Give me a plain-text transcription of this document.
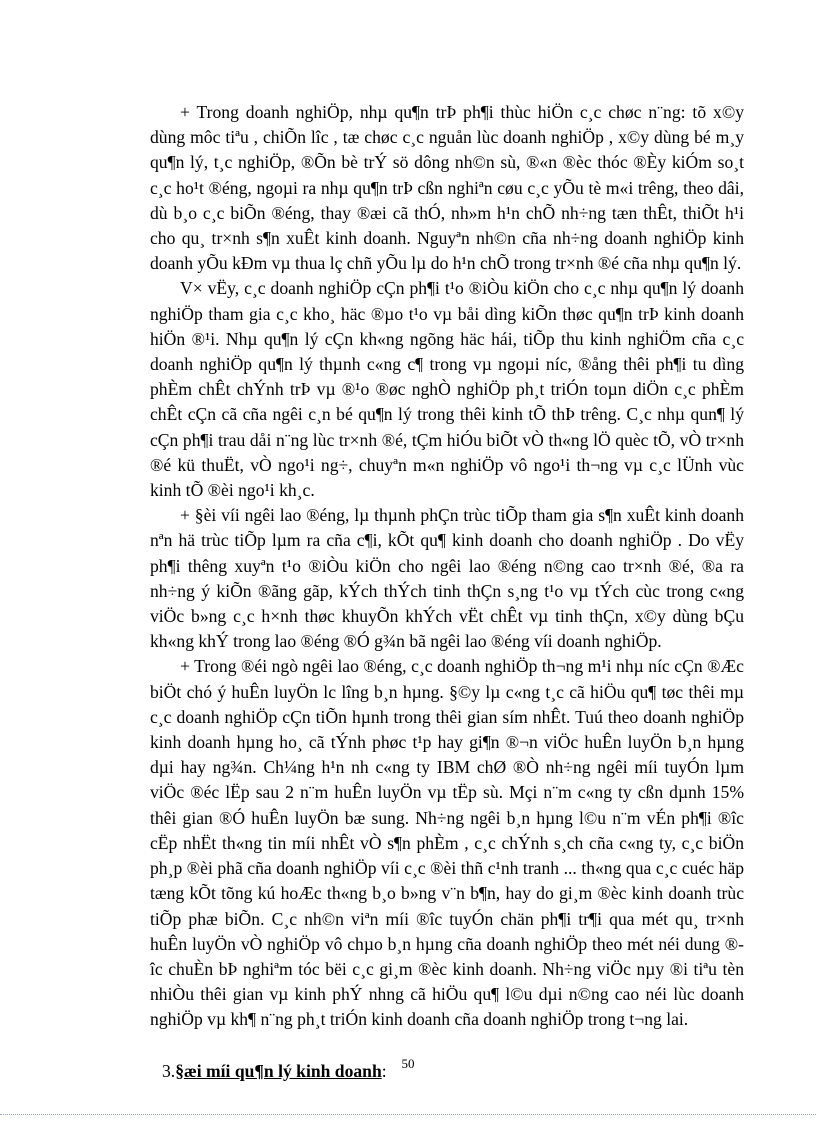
+ Trong doanh nghiÖp, nhµ qu¶n trÞ ph¶i thùc hiÖn c¸c chøc n¨ng: tõ x©y dùng môc tiªu , chiÕn lîc , tæ chøc c¸c nguån lùc doanh nghiÖp , x©y dùng bé m¸y qu¶n lý, t¸c nghiÖp, ®Õn bè trÝ sö dông nh©n sù, ®«n ®èc thóc ®Èy kiÓm so¸t c¸c ho¹t ®éng, ngoµi ra nhµ qu¶n trÞ cßn nghiªn cøu c¸c yÕu tè m«i trêng, theo dâi, dù b¸o c¸c biÕn ®éng, thay ®æi cã thÓ, nh»m h¹n chÕ nh÷ng tæn thÊt, thiÕt h¹i cho qu¸ tr×nh s¶n xuÊt kinh doanh. Nguyªn nh©n cña nh÷ng doanh nghiÖp kinh doanh yÕu kÐm vµ thua lç chñ yÕu lµ do h¹n chÕ trong tr×nh ®é cña nhµ qu¶n lý.

V× vËy, c¸c doanh nghiÖp cÇn ph¶i t¹o ®iÒu kiÖn cho c¸c nhµ qu¶n lý doanh nghiÖp tham gia c¸c kho¸ häc ®µo t¹o vµ båi dìng kiÕn thøc qu¶n trÞ kinh doanh hiÖn ®¹i. Nhµ qu¶n lý cÇn kh«ng ngõng häc hái, tiÕp thu kinh nghiÖm cña c¸c doanh nghiÖp qu¶n lý thµnh c«ng c¶ trong vµ ngoµi níc, ®ång thêi ph¶i tu dìng phÈm chÊt chÝnh trÞ vµ ®¹o ®øc nghÒ nghiÖp ph¸t triÓn toµn diÖn c¸c phÈm chÊt cÇn cã cña ngêi c¸n bé qu¶n lý trong thêi kinh tÕ thÞ trêng. C¸c nhµ qun¶ lý cÇn ph¶i trau dåi n¨ng lùc tr×nh ®é, tÇm hiÓu biÕt vÒ th«ng lÖ quèc tÕ, vÒ tr×nh ®é kü thuËt, vÒ ngo¹i ng÷, chuyªn m«n nghiÖp vô ngo¹i th¬ng vµ c¸c lÜnh vùc kinh tÕ ®èi ngo¹i kh¸c.

+ §èi víi ngêi lao ®éng, lµ thµnh phÇn trùc tiÕp tham gia s¶n xuÊt kinh doanh nªn hä trùc tiÕp lµm ra cña c¶i, kÕt qu¶ kinh doanh cho doanh nghiÖp . Do vËy ph¶i thêng xuyªn t¹o ®iÒu kiÖn cho ngêi lao ®éng n©ng cao tr×nh ®é, ®a ra nh÷ng ý kiÕn ®ãng gãp, kÝch thÝch tinh thÇn s¸ng t¹o vµ tÝch cùc trong c«ng viÖc b»ng c¸c h×nh thøc khuyÕn khÝch vËt chÊt vµ tinh thÇn, x©y dùng bÇu kh«ng khÝ trong lao ®éng ®Ó g¾n bã ngêi lao ®éng víi doanh nghiÖp.

+ Trong ®éi ngò ngêi lao ®éng, c¸c doanh nghiÖp th¬ng m¹i nhµ níc cÇn ®Æc biÖt chó ý huÊn luyÖn lc lîng b¸n hµng. §©y lµ c«ng t¸c cã hiÖu qu¶ tøc thêi mµ c¸c doanh nghiÖp cÇn tiÕn hµnh trong thêi gian sím nhÊt. Tuú theo doanh nghiÖp kinh doanh hµng ho¸ cã tÝnh phøc t¹p hay gi¶n ®¬n viÖc huÊn luyÖn b¸n hµng dµi hay ng¾n. Ch¼ng h¹n nh c«ng ty IBM chØ ®Ò nh÷ng ngêi míi tuyÓn lµm viÖc ®éc lËp sau 2 n¨m huÊn luyÖn vµ tËp sù. Mçi n¨m c«ng ty cßn dµnh 15% thêi gian ®Ó huÊn luyÖn bæ sung. Nh÷ng ngêi b¸n hµng l©u n¨m vÉn ph¶i ®îc cËp nhËt th«ng tin míi nhÊt vÒ s¶n phÈm , c¸c chÝnh s¸ch cña c«ng ty, c¸c biÖn ph¸p ®èi phã cña doanh nghiÖp víi c¸c ®èi thñ c¹nh tranh ... th«ng qua c¸c cuéc häp tæng kÕt tõng kú hoÆc th«ng b¸o b»ng v¨n b¶n, hay do gi¸m ®èc kinh doanh trùc tiÕp phæ biÕn. C¸c nh©n viªn míi ®îc tuyÓn chän ph¶i tr¶i qua mét qu¸ tr×nh huÊn luyÖn vÒ nghiÖp vô chµo b¸n hµng cña doanh nghiÖp theo mét néi dung ®îc chuÈn bÞ nghiªm tóc bëi c¸c gi¸m ®èc kinh doanh. Nh÷ng viÖc nµy ®i tiªu tèn nhiÒu thêi gian vµ kinh phÝ nhng cã hiÖu qu¶ l©u dµi n©ng cao néi lùc doanh nghiÖp vµ kh¶ n¨ng ph¸t triÓn kinh doanh cña doanh nghiÖp trong t¬ng lai.

3.§æi míi qu¶n lý kinh doanh:	50
